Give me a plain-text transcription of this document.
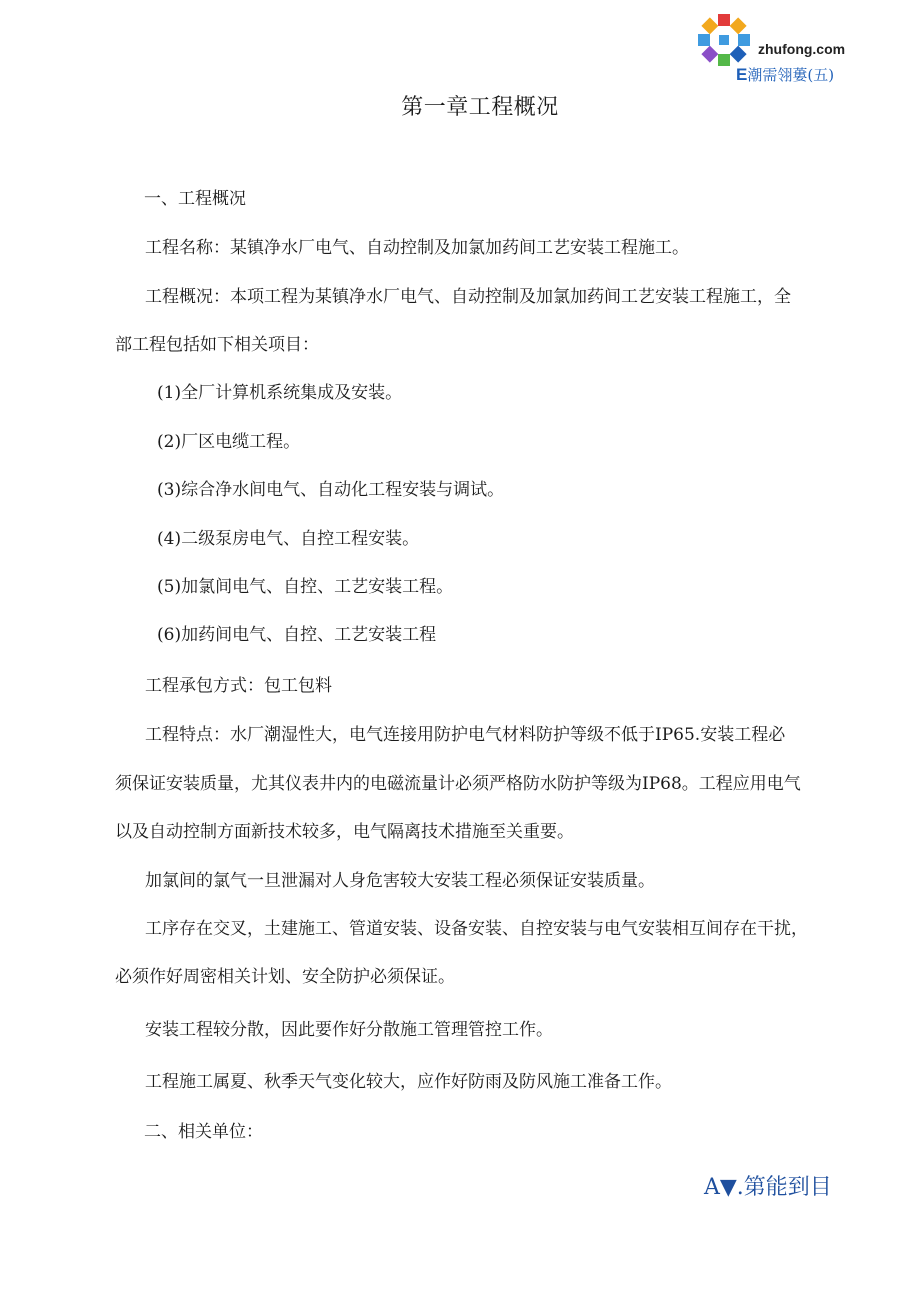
zhufong.com
E潮需翎蔞(五)
第一章工程概况
一、工程概况
工程名称：某镇净水厂电气、自动控制及加氯加药间工艺安装工程施工。
工程概况：本项工程为某镇净水厂电气、自动控制及加氯加药间工艺安装工程施工，全
部工程包括如下相关项目：
(1)全厂计算机系统集成及安装。
(2)厂区电缆工程。
(3)综合净水间电气、自动化工程安装与调试。
(4)二级泵房电气、自控工程安装。
(5)加氯间电气、自控、工艺安装工程。
(6)加药间电气、自控、工艺安装工程
工程承包方式：包工包料
工程特点：水厂潮湿性大，电气连接用防护电气材料防护等级不低于IP65.安装工程必
须保证安装质量，尤其仪表井内的电磁流量计必须严格防水防护等级为IP68。工程应用电气
以及自动控制方面新技术较多，电气隔离技术措施至关重要。
加氯间的氯气一旦泄漏对人身危害较大安装工程必须保证安装质量。
工序存在交叉，土建施工、管道安装、设备安装、自控安装与电气安装相互间存在干扰，
必须作好周密相关计划、安全防护必须保证。
安装工程较分散，因此要作好分散施工管理管控工作。
工程施工属夏、秋季天气变化较大，应作好防雨及防风施工准备工作。
二、相关单位：
A▼.第能到目
